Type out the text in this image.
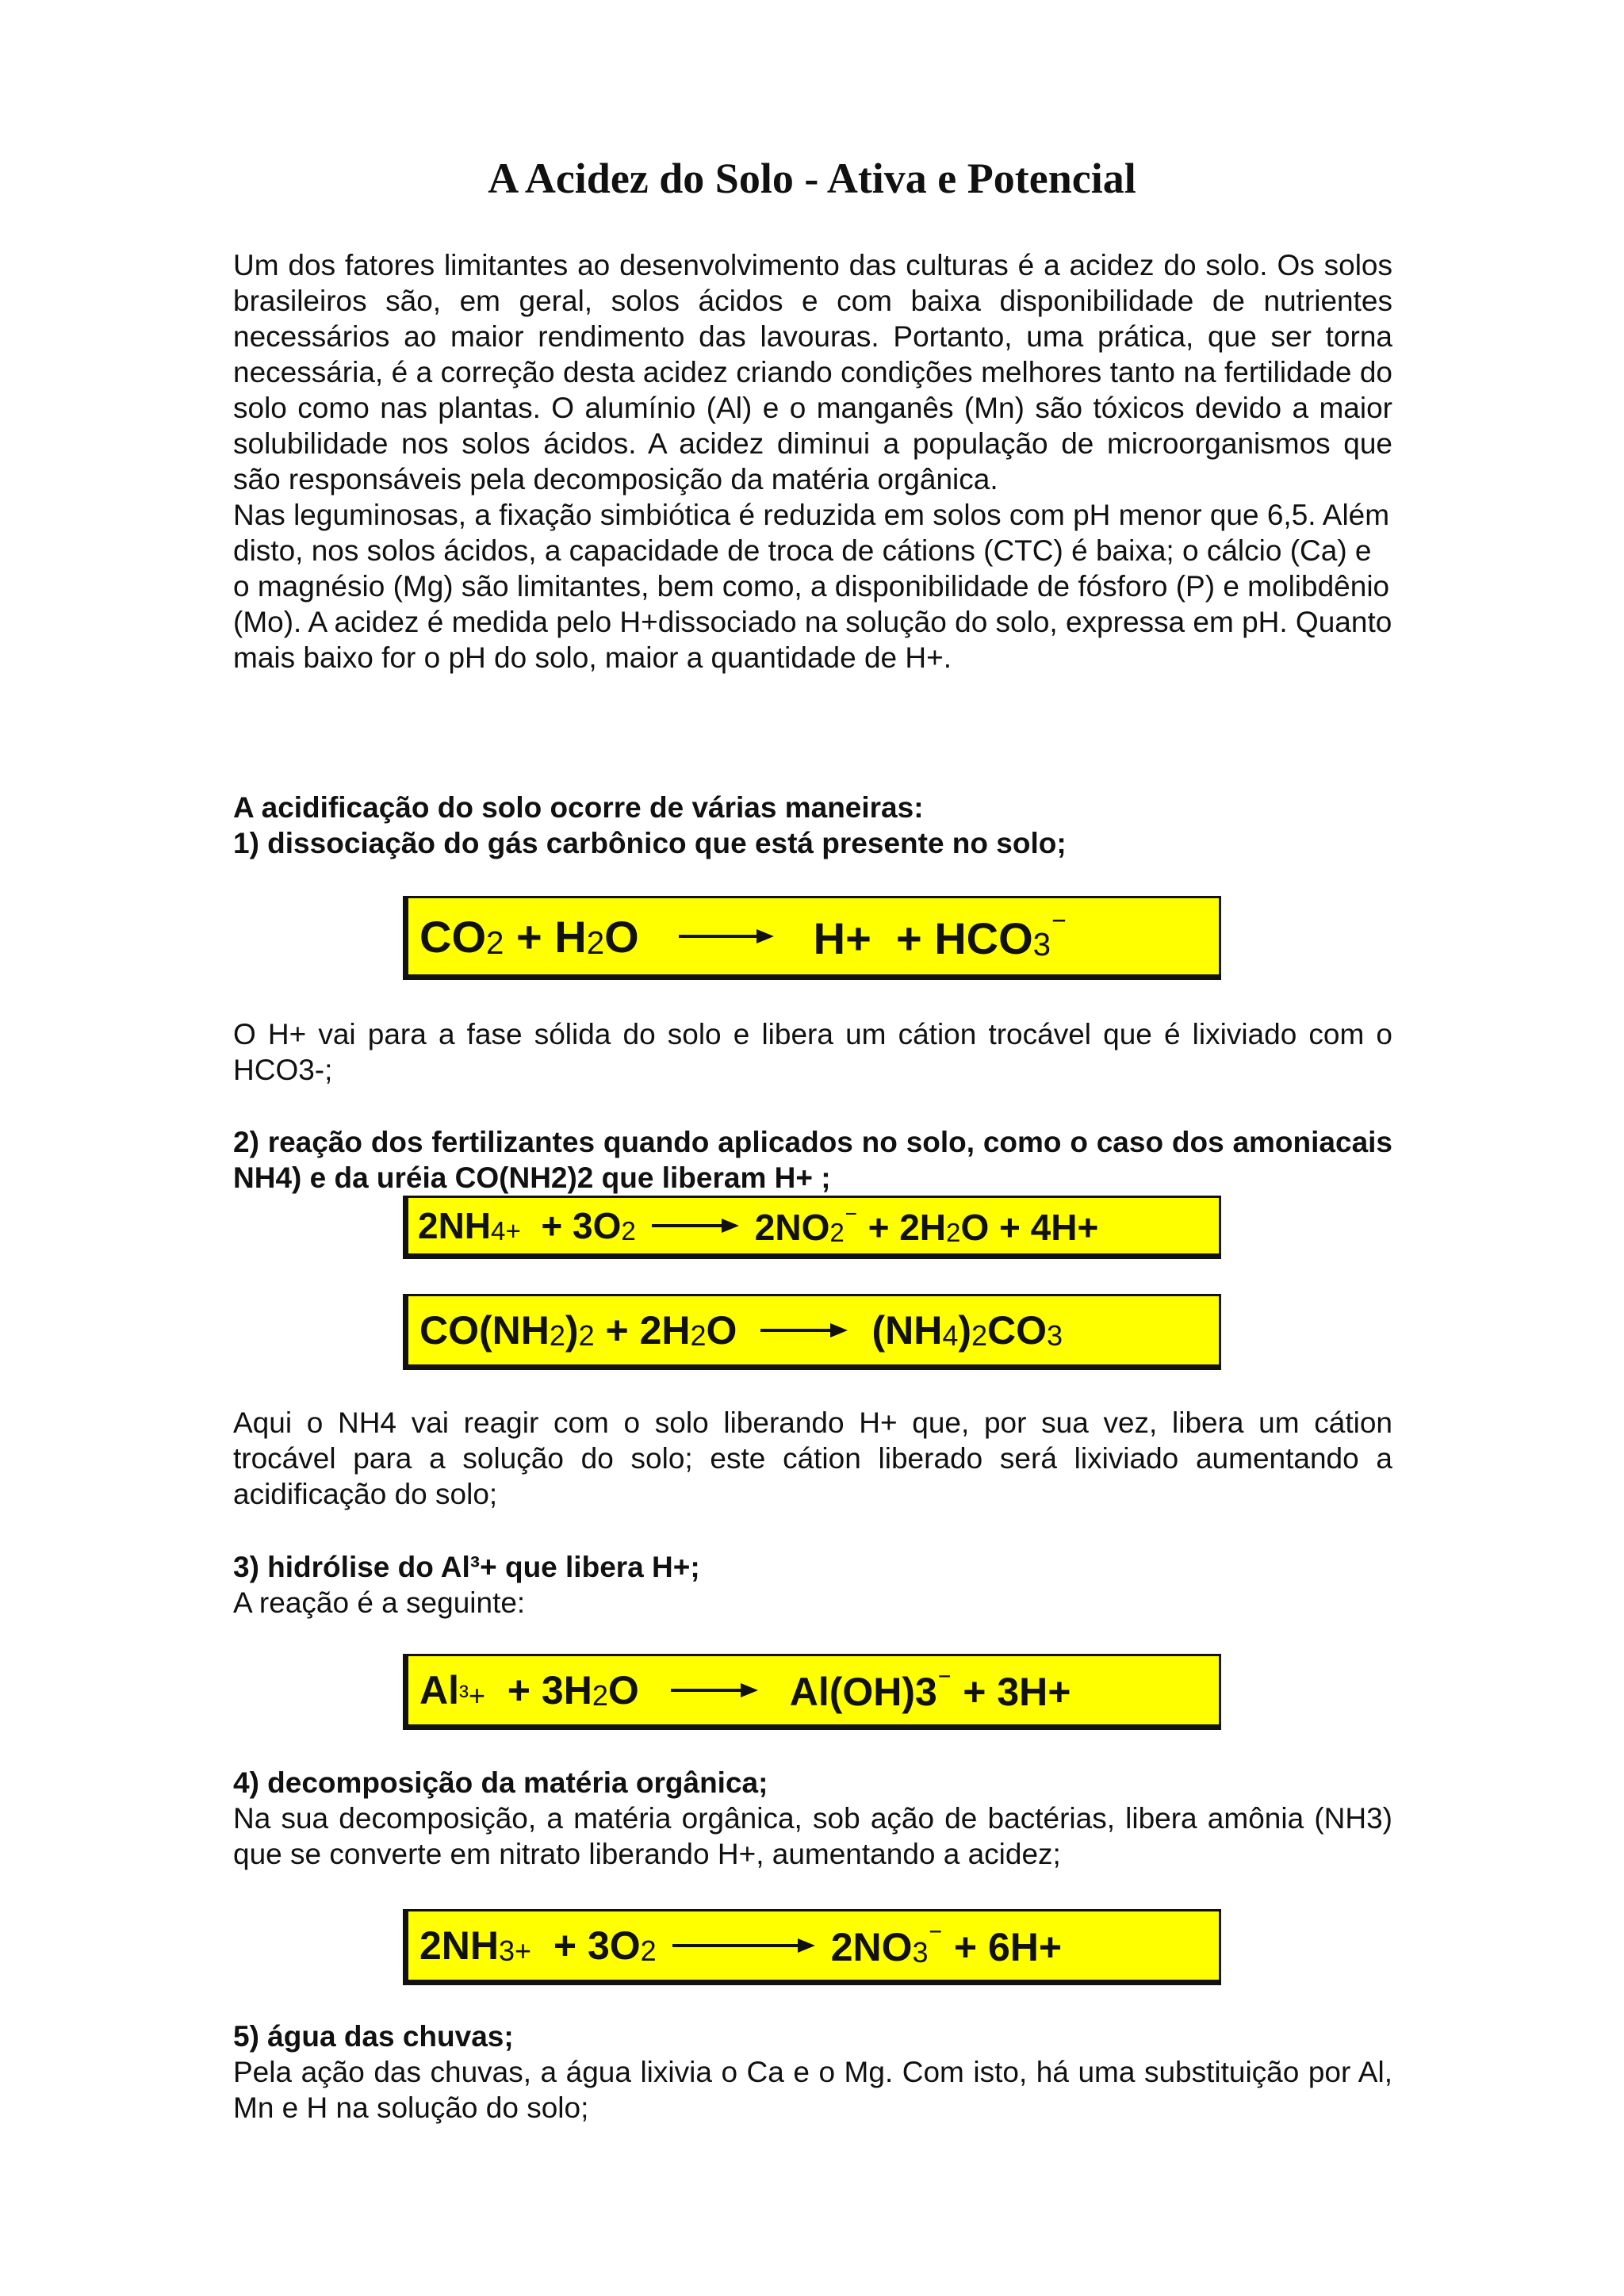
A Acidez do Solo - Ativa e Potencial

Um dos fatores limitantes ao desenvolvimento das culturas é a acidez do solo. Os solos brasileiros são, em geral, solos ácidos e com baixa disponibilidade de nutrientes necessários ao maior rendimento das lavouras. Portanto, uma prática, que ser torna necessária, é a correção desta acidez criando condições melhores tanto na fertilidade do solo como nas plantas. O alumínio (Al) e o manganês (Mn) são tóxicos devido a maior solubilidade nos solos ácidos. A acidez diminui a população de microorganismos que são responsáveis pela decomposição da matéria orgânica.

Nas leguminosas, a fixação simbiótica é reduzida em solos com pH menor que 6,5. Além disto, nos solos ácidos, a capacidade de troca de cátions (CTC) é baixa; o cálcio (Ca) e o magnésio (Mg) são limitantes, bem como, a disponibilidade de fósforo (P) e molibdênio (Mo). A acidez é medida pelo H+dissociado na solução do solo, expressa em pH. Quanto mais baixo for o pH do solo, maior a quantidade de H+.

A acidificação do solo ocorre de várias maneiras:
1) dissociação do gás carbônico que está presente no solo;
CO2 + H2O → H+  + HCO3⁻
O H+ vai para a fase sólida do solo e libera um cátion trocável que é lixiviado com o HCO3-;
2) reação dos fertilizantes quando aplicados no solo, como o caso dos amoniacais NH4) e da uréia CO(NH2)2 que liberam H+ ;
2NH4+  + 3O2 → 2NO2⁻ + 2H2O + 4H+
CO(NH2)2 + 2H2O → (NH4)2CO3
Aqui o NH4 vai reagir com o solo liberando H+ que, por sua vez, libera um cátion trocável para a solução do solo; este cátion liberado será lixiviado aumentando a acidificação do solo;
3) hidrólise do Al³+ que libera H+;
A reação é a seguinte:
Al³+  + 3H2O → Al(OH)3⁻ + 3H+
4) decomposição da matéria orgânica;
Na sua decomposição, a matéria orgânica, sob ação de bactérias, libera amônia (NH3) que se converte em nitrato liberando H+, aumentando a acidez;
2NH3+  + 3O2 → 2NO3⁻ + 6H+
5) água das chuvas;
Pela ação das chuvas, a água lixivia o Ca e o Mg. Com isto, há uma substituição por Al, Mn e H na solução do solo;
